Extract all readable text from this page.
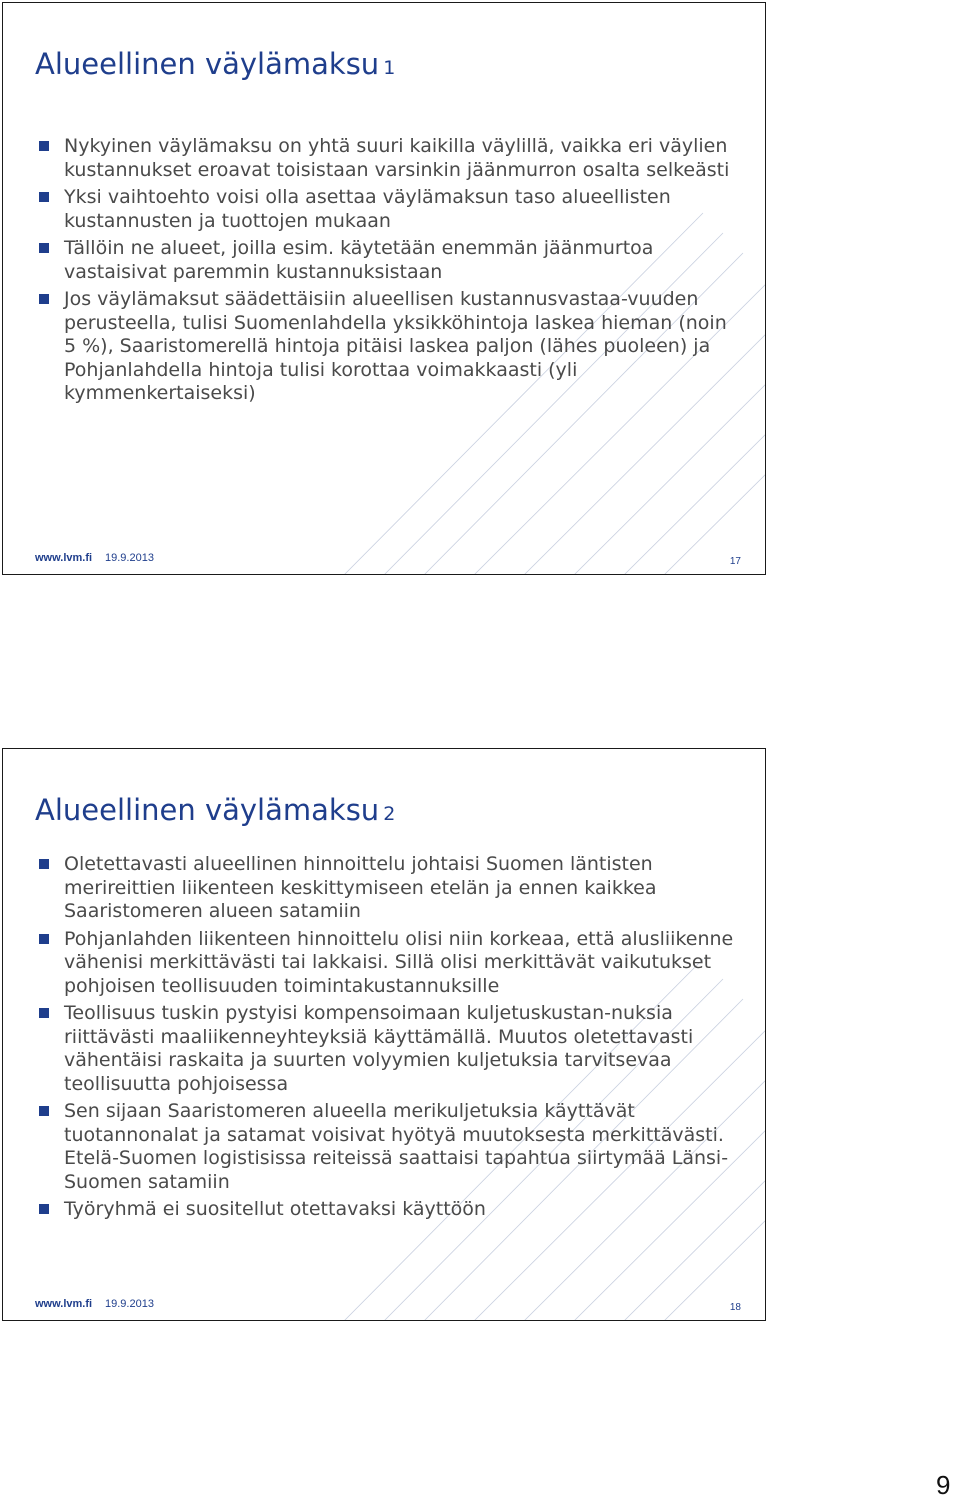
Alueellinen väylämaksu 1
Nykyinen väylämaksu on yhtä suuri kaikilla väylillä, vaikka eri väylien kustannukset eroavat toisistaan varsinkin jäänmurron osalta selkeästi
Yksi vaihtoehto voisi olla asettaa väylämaksun taso alueellisten kustannusten ja tuottojen mukaan
Tällöin ne alueet, joilla esim. käytetään enemmän jäänmurtoa vastaisivat paremmin kustannuksistaan
Jos väylämaksut säädettäisiin alueellisen kustannusvastaa-vuuden perusteella, tulisi Suomenlahdella yksikköhintoja laskea hieman (noin 5 %), Saaristomerellä hintoja pitäisi laskea paljon (lähes puoleen) ja Pohjanlahdella hintoja tulisi korottaa voimakkaasti (yli kymmenkertaiseksi)
www.lvm.fi 19.9.2013	17
Alueellinen väylämaksu 2
Oletettavasti alueellinen hinnoittelu johtaisi Suomen läntisten merireittien liikenteen keskittymiseen etelän ja ennen kaikkea Saaristomeren alueen satamiin
Pohjanlahden liikenteen hinnoittelu olisi niin korkeaa, että alusliikenne vähenisi merkittävästi tai lakkaisi. Sillä olisi merkittävät vaikutukset pohjoisen teollisuuden toimintakustannuksille
Teollisuus tuskin pystyisi kompensoimaan kuljetuskustan-nuksia riittävästi maaliikenneyhteyksiä käyttämällä. Muutos oletettavasti vähentäisi raskaita ja suurten volyymien kuljetuksia tarvitsevaa teollisuutta pohjoisessa
Sen sijaan Saaristomeren alueella merikuljetuksia käyttävät tuotannonalat ja satamat voisivat hyötyä muutoksesta merkittävästi. Etelä-Suomen logistisissa reiteissä saattaisi tapahtua siirtymää Länsi-Suomen satamiin
Työryhmä ei suositellut otettavaksi käyttöön
www.lvm.fi 19.9.2013	18
9
